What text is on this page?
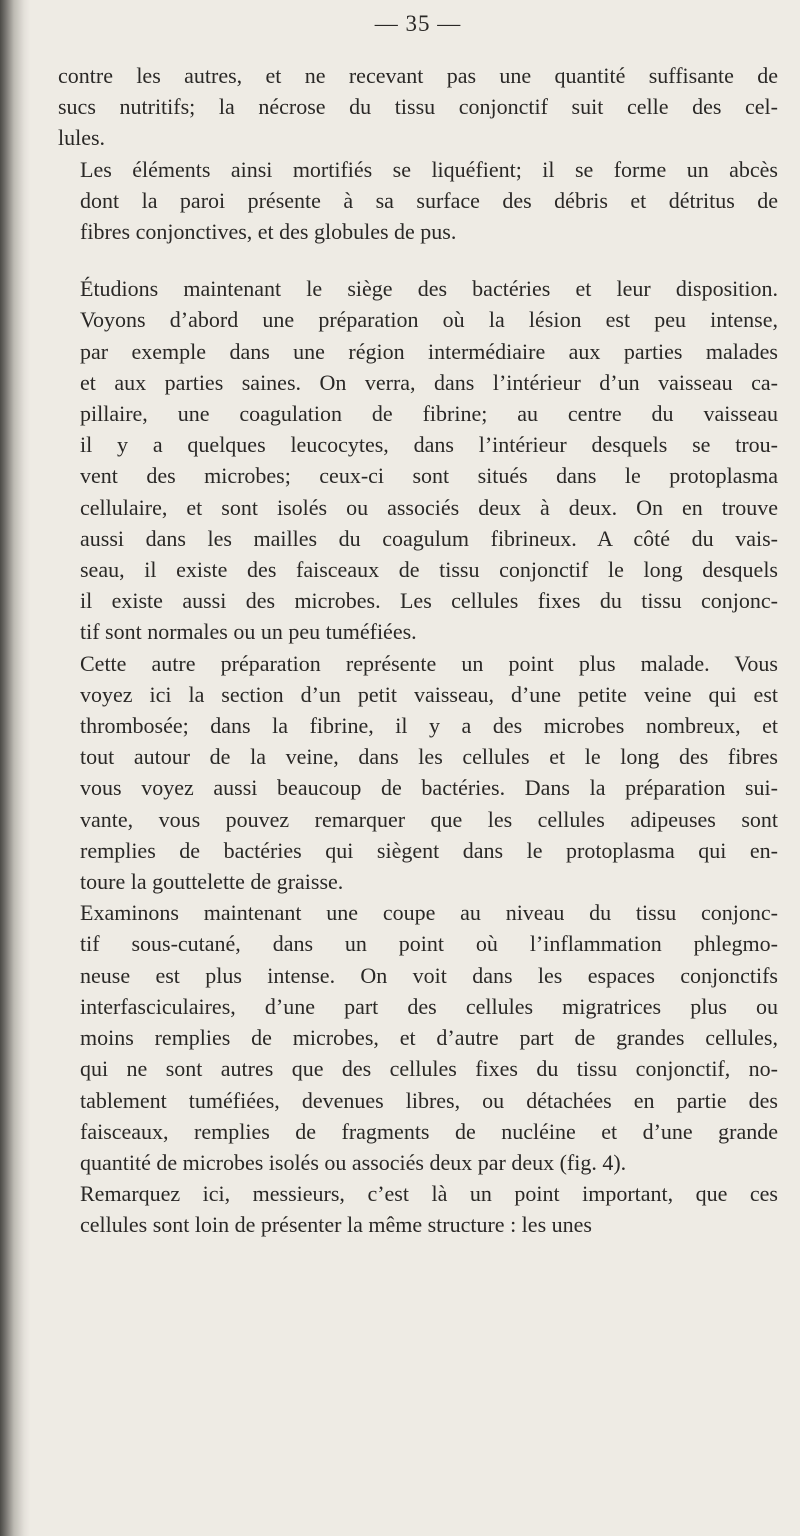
— 35 —

contre les autres, et ne recevant pas une quantité suffisante de
sucs nutritifs; la nécrose du tissu conjonctif suit celle des cel-
lules.

Les éléments ainsi mortifiés se liquéfient; il se forme un abcès
dont la paroi présente à sa surface des débris et détritus de
fibres conjonctives, et des globules de pus.

Étudions maintenant le siège des bactéries et leur disposition.
Voyons d’abord une préparation où la lésion est peu intense,
par exemple dans une région intermédiaire aux parties malades
et aux parties saines. On verra, dans l’intérieur d’un vaisseau ca-
pillaire, une coagulation de fibrine; au centre du vaisseau
il y a quelques leucocytes, dans l’intérieur desquels se trou-
vent des microbes; ceux-ci sont situés dans le protoplasma
cellulaire, et sont isolés ou associés deux à deux. On en trouve
aussi dans les mailles du coagulum fibrineux. A côté du vais-
seau, il existe des faisceaux de tissu conjonctif le long desquels
il existe aussi des microbes. Les cellules fixes du tissu conjonc-
tif sont normales ou un peu tuméfiées.

Cette autre préparation représente un point plus malade. Vous
voyez ici la section d’un petit vaisseau, d’une petite veine qui est
thrombosée; dans la fibrine, il y a des microbes nombreux, et
tout autour de la veine, dans les cellules et le long des fibres
vous voyez aussi beaucoup de bactéries. Dans la préparation sui-
vante, vous pouvez remarquer que les cellules adipeuses sont
remplies de bactéries qui siègent dans le protoplasma qui en-
toure la gouttelette de graisse.

Examinons maintenant une coupe au niveau du tissu conjonc-
tif sous-cutané, dans un point où l’inflammation phlegmo-
neuse est plus intense. On voit dans les espaces conjonctifs
interfasciculaires, d’une part des cellules migratrices plus ou
moins remplies de microbes, et d’autre part de grandes cellules,
qui ne sont autres que des cellules fixes du tissu conjonctif, no-
tablement tuméfiées, devenues libres, ou détachées en partie des
faisceaux, remplies de fragments de nucléine et d’une grande
quantité de microbes isolés ou associés deux par deux (fig. 4).

Remarquez ici, messieurs, c’est là un point important, que ces
cellules sont loin de présenter la même structure : les unes
